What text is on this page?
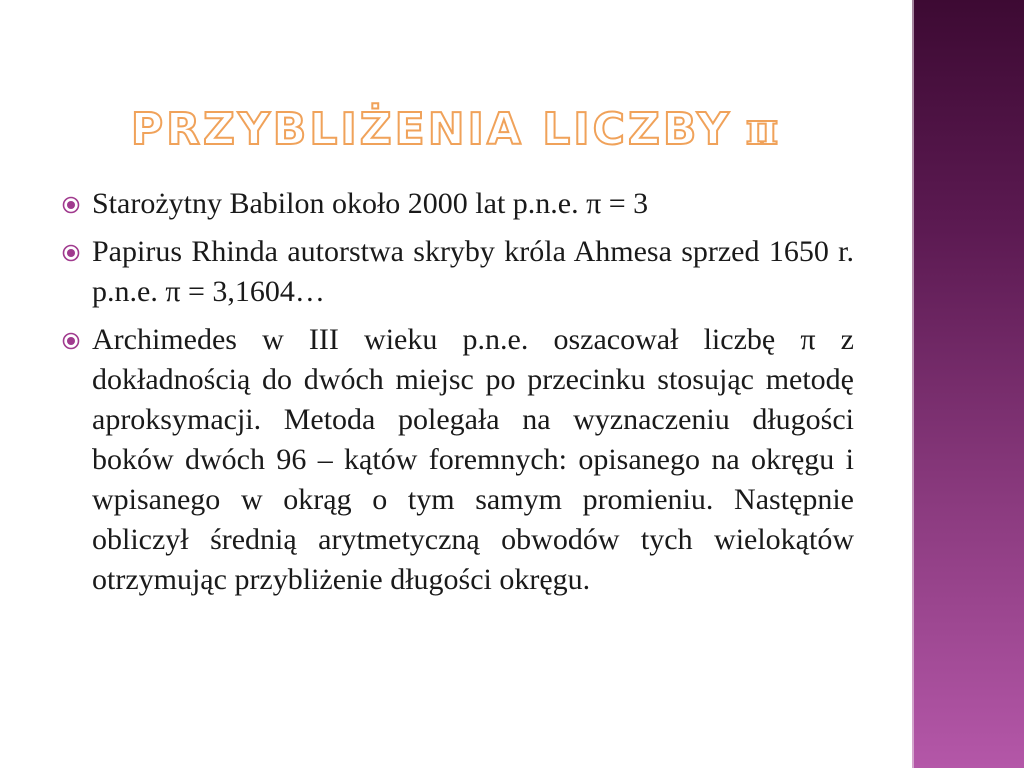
PRZYBLIŻENIA LICZBY π
Starożytny Babilon około 2000 lat p.n.e. π = 3
Papirus Rhinda autorstwa skryby króla Ahmesa sprzed 1650 r. p.n.e. π = 3,1604…
Archimedes w III wieku p.n.e. oszacował liczbę π z dokładnością do dwóch miejsc po przecinku stosując metodę aproksymacji. Metoda polegała na wyznaczeniu długości boków dwóch 96 – kątów foremnych: opisanego na okręgu i wpisanego w okrąg o tym samym promieniu. Następnie obliczył średnią arytmetyczną obwodów tych wielokątów otrzymując przybliżenie długości okręgu.
